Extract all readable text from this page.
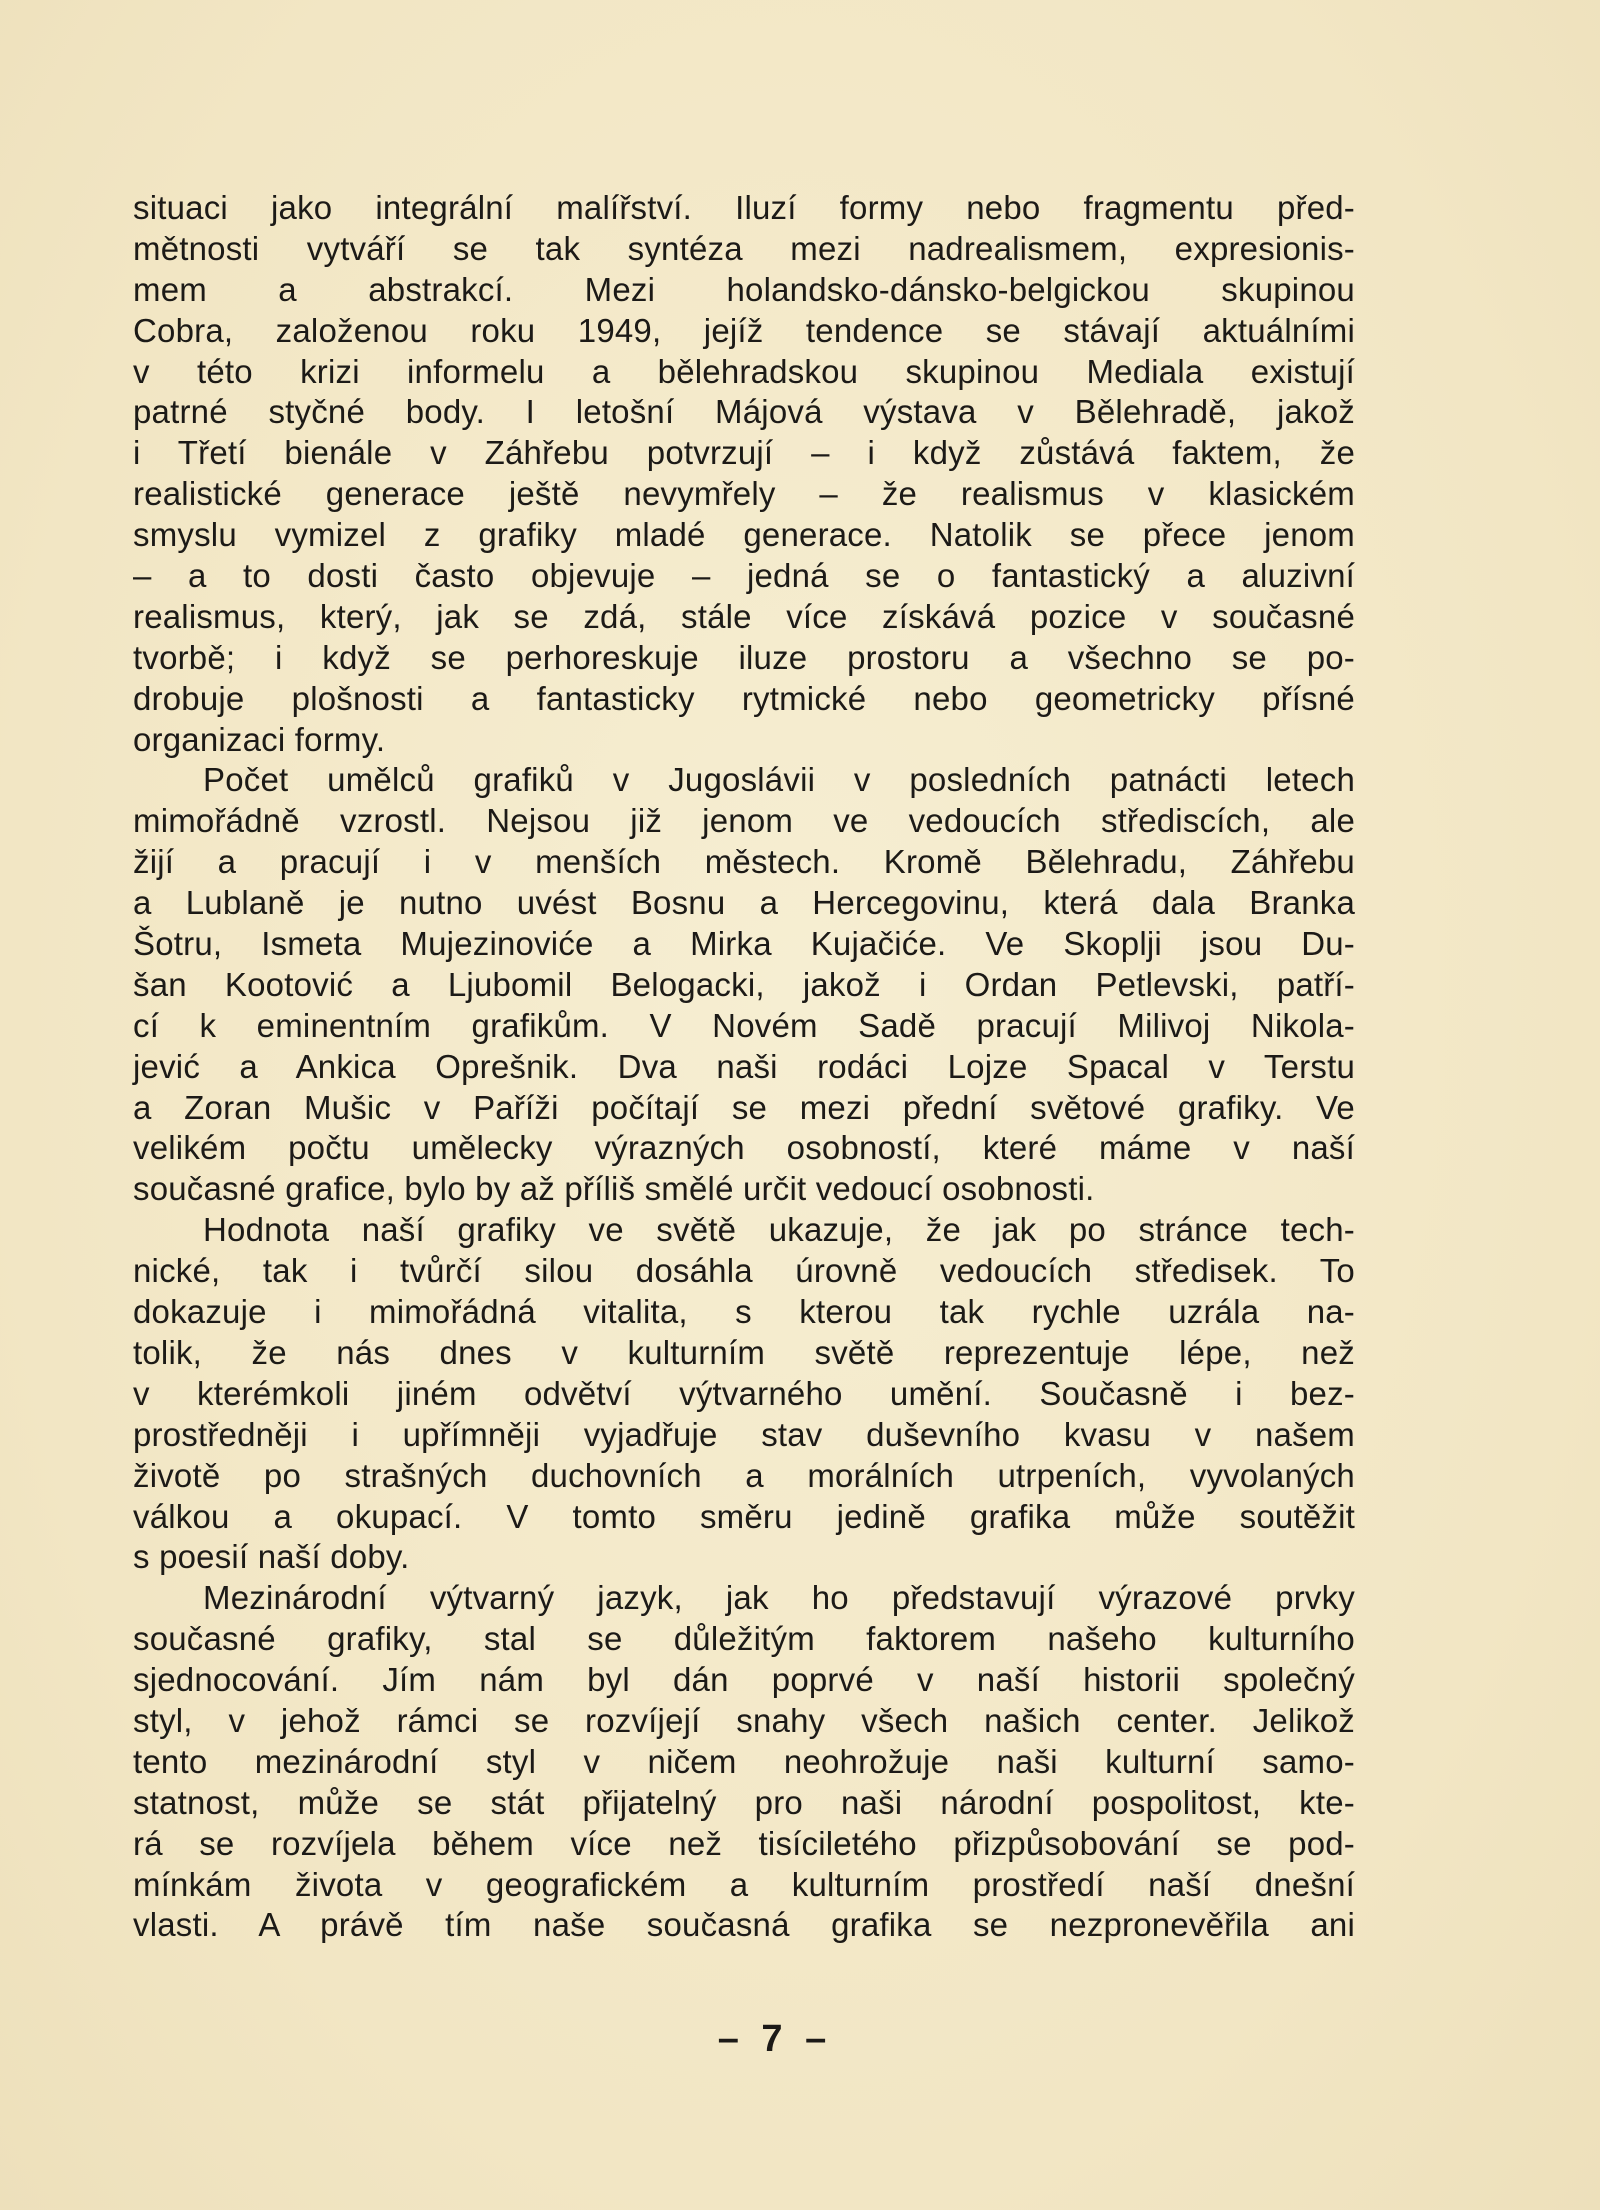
situaci jako integrální malířství. Iluzí formy nebo fragmentu před-
mětnosti vytváří se tak syntéza mezi nadrealismem, expresionis-
mem a abstrakcí. Mezi holandsko-dánsko-belgickou skupinou
Cobra, založenou roku 1949, jejíž tendence se stávají aktuálními
v této krizi informelu a bělehradskou skupinou Mediala existují
patrné styčné body. I letošní Májová výstava v Bělehradě, jakož
i Třetí bienále v Záhřebu potvrzují – i když zůstává faktem, že
realistické generace ještě nevymřely – že realismus v klasickém
smyslu vymizel z grafiky mladé generace. Natolik se přece jenom
– a to dosti často objevuje – jedná se o fantastický a aluzivní
realismus, který, jak se zdá, stále více získává pozice v současné
tvorbě; i když se perhoreskuje iluze prostoru a všechno se po-
drobuje plošnosti a fantasticky rytmické nebo geometricky přísné
organizaci formy.
Počet umělců grafiků v Jugoslávii v posledních patnácti letech
mimořádně vzrostl. Nejsou již jenom ve vedoucích střediscích, ale
žijí a pracují i v menších městech. Kromě Bělehradu, Záhřebu
a Lublaně je nutno uvést Bosnu a Hercegovinu, která dala Branka
Šotru, Ismeta Mujezinoviće a Mirka Kujačiće. Ve Skoplji jsou Du-
šan Kootović a Ljubomil Belogacki, jakož i Ordan Petlevski, patří-
cí k eminentním grafikům. V Novém Sadě pracují Milivoj Nikola-
jević a Ankica Oprešnik. Dva naši rodáci Lojze Spacal v Terstu
a Zoran Mušic v Paříži počítají se mezi přední světové grafiky. Ve
velikém počtu umělecky výrazných osobností, které máme v naší
současné grafice, bylo by až příliš smělé určit vedoucí osobnosti.
Hodnota naší grafiky ve světě ukazuje, že jak po stránce tech-
nické, tak i tvůrčí silou dosáhla úrovně vedoucích středisek. To
dokazuje i mimořádná vitalita, s kterou tak rychle uzrála na-
tolik, že nás dnes v kulturním světě reprezentuje lépe, než
v kterémkoli jiném odvětví výtvarného umění. Současně i bez-
prostředněji i upřímněji vyjadřuje stav duševního kvasu v našem
životě po strašných duchovních a morálních utrpeních, vyvolaných
válkou a okupací. V tomto směru jedině grafika může soutěžit
s poesií naší doby.
Mezinárodní výtvarný jazyk, jak ho představují výrazové prvky
současné grafiky, stal se důležitým faktorem našeho kulturního
sjednocování. Jím nám byl dán poprvé v naší historii společný
styl, v jehož rámci se rozvíjejí snahy všech našich center. Jelikož
tento mezinárodní styl v ničem neohrožuje naši kulturní samo-
statnost, může se stát přijatelný pro naši národní pospolitost, kte-
rá se rozvíjela během více než tisíciletého přizpůsobování se pod-
mínkám života v geografickém a kulturním prostředí naší dnešní
vlasti. A právě tím naše současná grafika se nezpronevěřila ani
– 7 –
